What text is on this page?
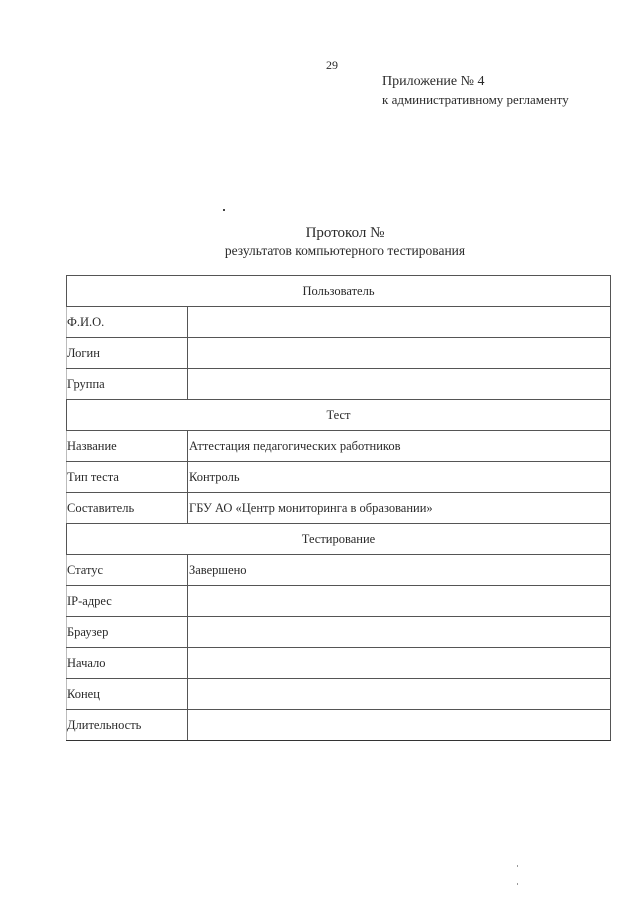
29
Приложение № 4
к административному регламенту
Протокол №
результатов компьютерного тестирования
Пользователь	
Ф.И.О.	
Логин	
Группа	
Тест	
Название	Аттестация педагогических работников
Тип теста	Контроль
Составитель	ГБУ АО «Центр мониторинга в образовании»
Тестирование	
Статус	Завершено
IP-адрес	
Браузер	
Начало	
Конец	
Длительность	
